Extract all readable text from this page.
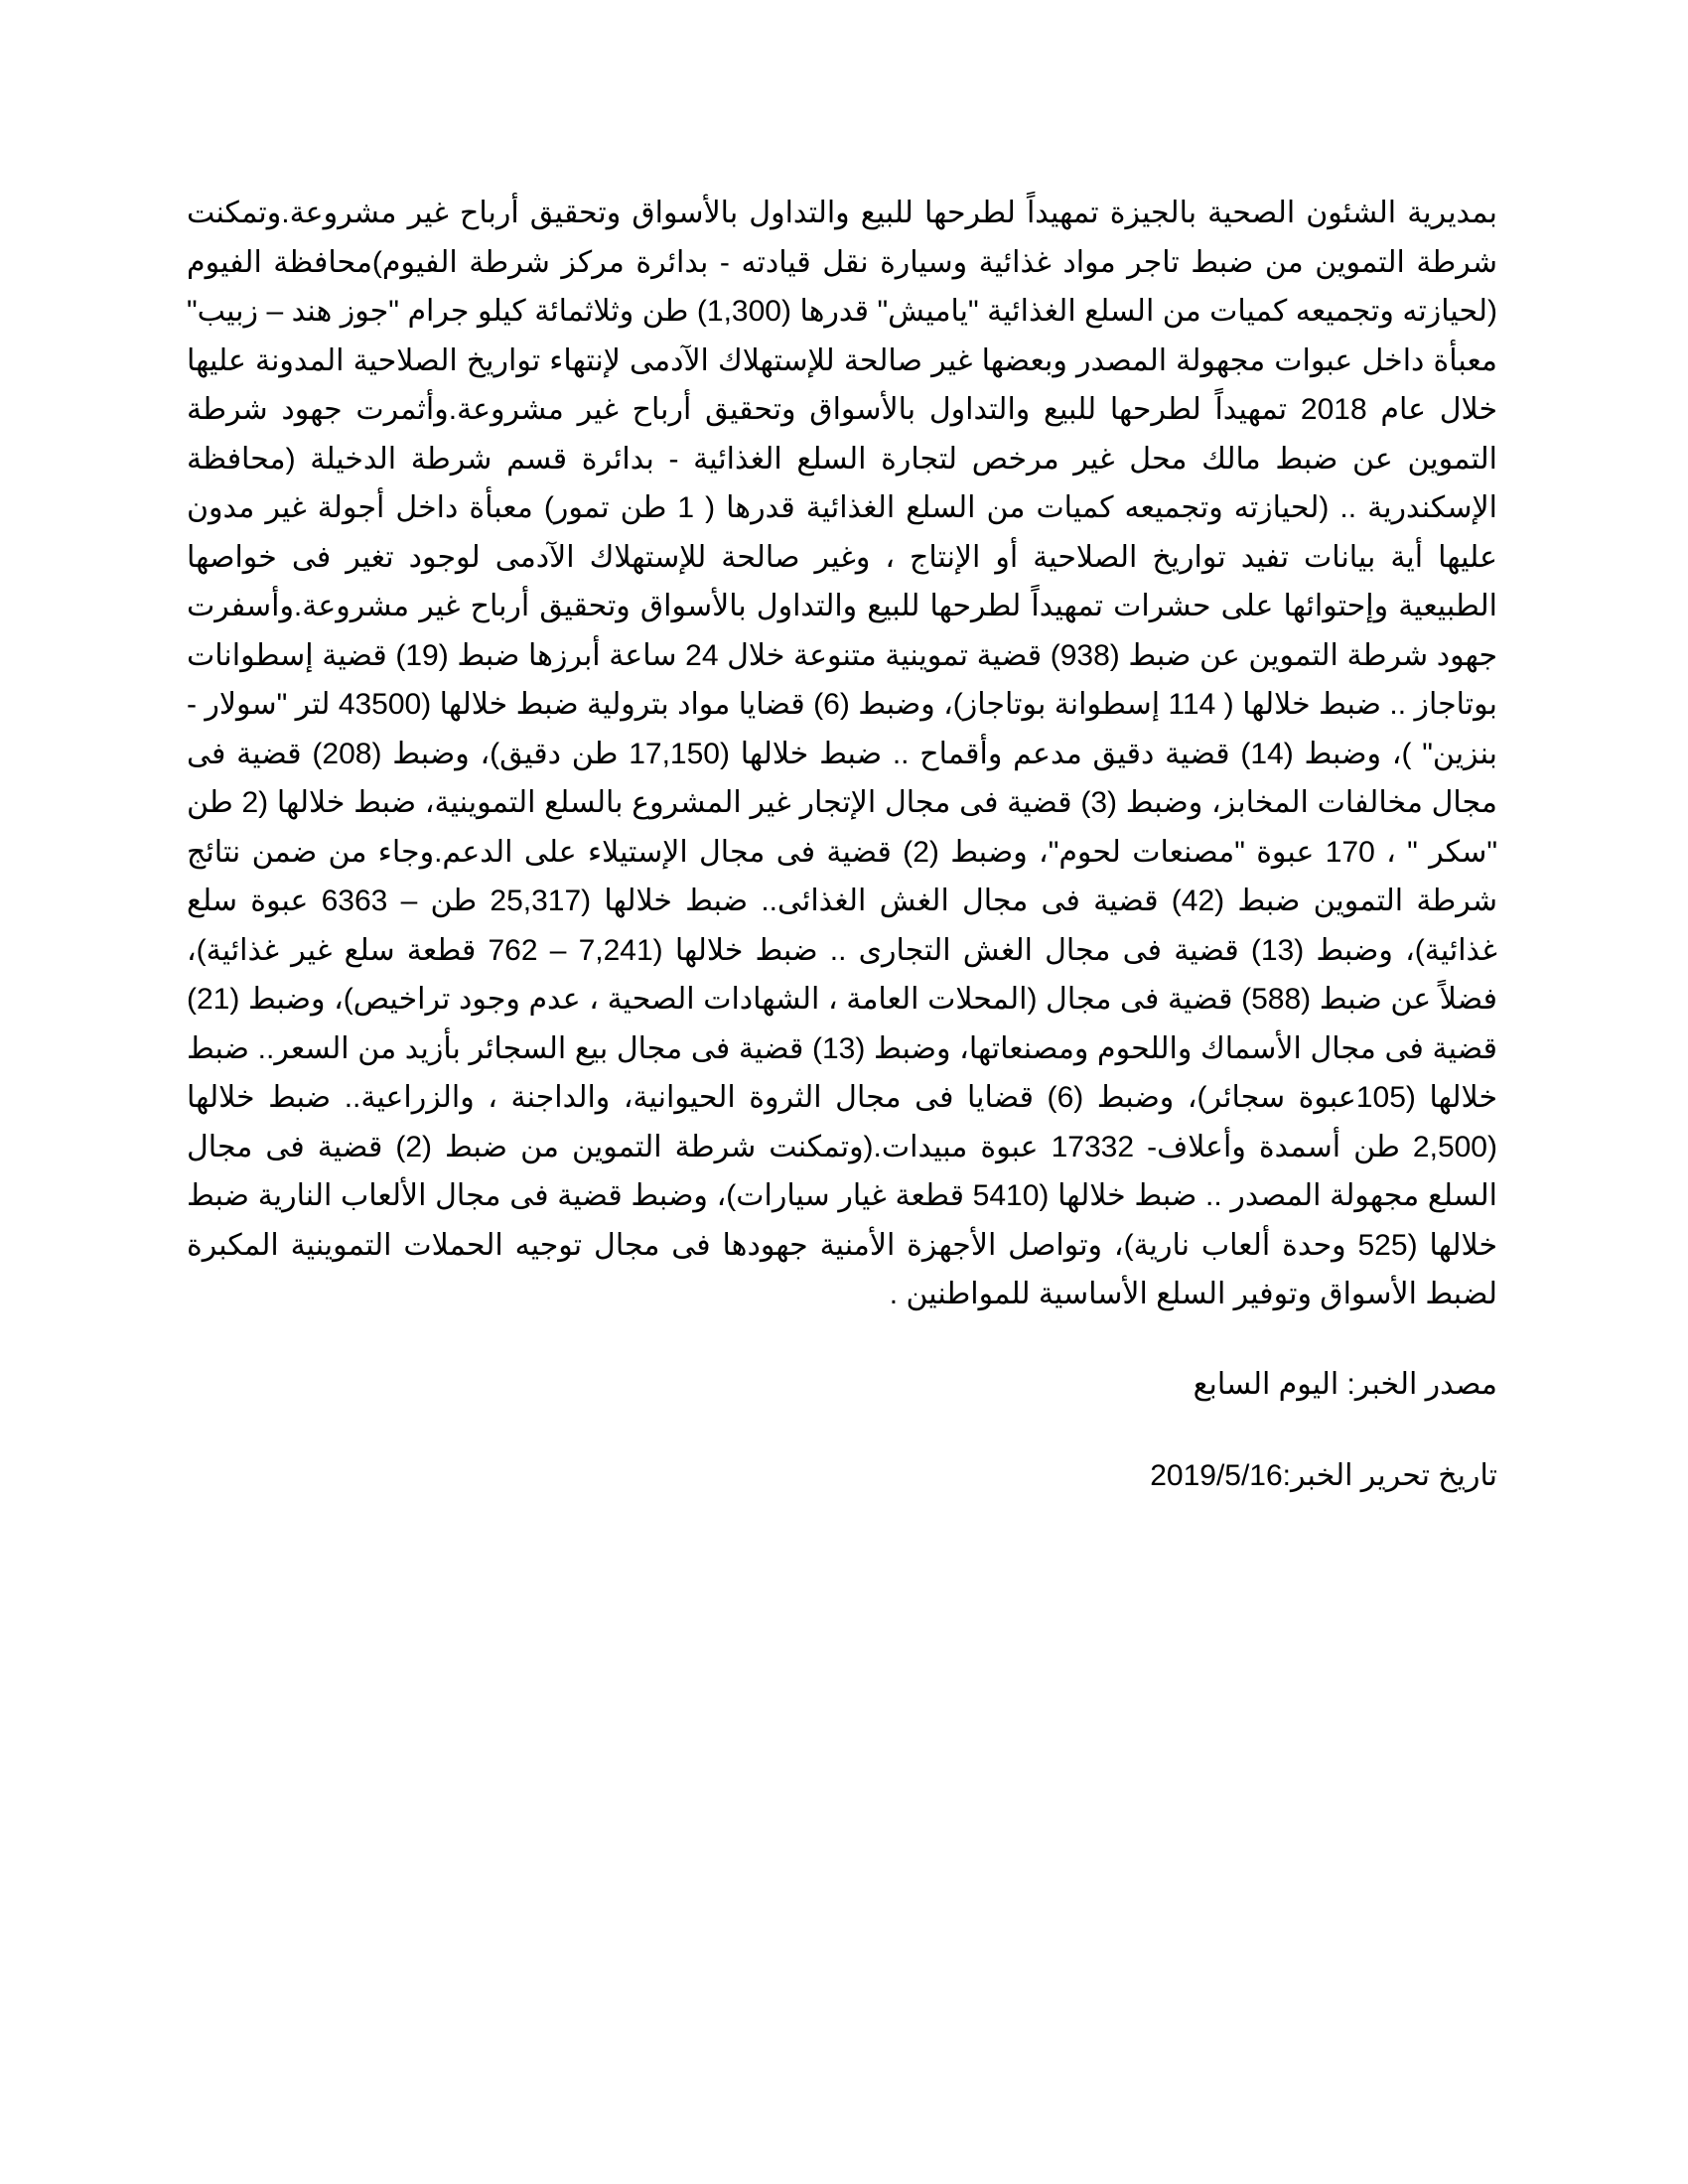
بمديرية الشئون الصحية بالجيزة تمهيداً لطرحها للبيع والتداول بالأسواق وتحقيق أرباح غير مشروعة.وتمكنت شرطة التموين من ضبط تاجر مواد غذائية وسيارة نقل قيادته - بدائرة مركز شرطة الفيوم)محافظة الفيوم (لحيازته وتجميعه كميات من السلع الغذائية "ياميش" قدرها (1,300) طن وثلاثمائة كيلو جرام "جوز هند – زبيب" معبأة داخل عبوات مجهولة المصدر وبعضها غير صالحة للإستهلاك الآدمى لإنتهاء تواريخ الصلاحية المدونة عليها خلال عام 2018 تمهيداً لطرحها للبيع والتداول بالأسواق وتحقيق أرباح غير مشروعة.وأثمرت جهود شرطة التموين عن ضبط مالك محل غير مرخص لتجارة السلع الغذائية - بدائرة قسم شرطة الدخيلة (محافظة الإسكندرية .. (لحيازته وتجميعه كميات من السلع الغذائية قدرها ( 1 طن تمور) معبأة داخل أجولة غير مدون عليها أية بيانات تفيد تواريخ الصلاحية أو الإنتاج ، وغير صالحة للإستهلاك الآدمى لوجود تغير فى خواصها الطبيعية وإحتوائها على حشرات تمهيداً لطرحها للبيع والتداول بالأسواق وتحقيق أرباح غير مشروعة.وأسفرت جهود شرطة التموين عن ضبط (938) قضية تموينية متنوعة خلال 24 ساعة أبرزها ضبط (19) قضية إسطوانات بوتاجاز .. ضبط خلالها ( 114 إسطوانة بوتاجاز)، وضبط (6) قضايا مواد بترولية ضبط خلالها (43500 لتر "سولار - بنزين" )، وضبط (14) قضية دقيق مدعم وأقماح .. ضبط خلالها (17,150 طن دقيق)، وضبط (208) قضية فى مجال مخالفات المخابز، وضبط (3) قضية فى مجال الإتجار غير المشروع بالسلع التموينية، ضبط خلالها (2 طن "سكر " ، 170 عبوة "مصنعات لحوم"، وضبط (2) قضية فى مجال الإستيلاء على الدعم.وجاء من ضمن نتائج شرطة التموين ضبط (42) قضية فى مجال الغش الغذائى.. ضبط خلالها (25,317 طن – 6363 عبوة سلع غذائية)، وضبط (13) قضية فى مجال الغش التجارى .. ضبط خلالها (7,241 – 762 قطعة سلع غير غذائية)، فضلاً عن ضبط (588) قضية فى مجال (المحلات العامة ، الشهادات الصحية ، عدم وجود تراخيص)، وضبط (21) قضية فى مجال الأسماك واللحوم ومصنعاتها، وضبط (13) قضية فى مجال بيع السجائر بأزيد من السعر.. ضبط خلالها (105عبوة سجائر)، وضبط (6) قضايا فى مجال الثروة الحيوانية، والداجنة ، والزراعية.. ضبط خلالها (2,500 طن أسمدة وأعلاف- 17332 عبوة مبيدات.(وتمكنت شرطة التموين من ضبط (2) قضية فى مجال السلع مجهولة المصدر .. ضبط خلالها (5410 قطعة غيار سيارات)، وضبط قضية فى مجال الألعاب النارية ضبط خلالها (525 وحدة ألعاب نارية)، وتواصل الأجهزة الأمنية جهودها فى مجال توجيه الحملات التموينية المكبرة لضبط الأسواق وتوفير السلع الأساسية للمواطنين .

مصدر الخبر: اليوم السابع

تاريخ تحرير الخبر:2019/5/16
